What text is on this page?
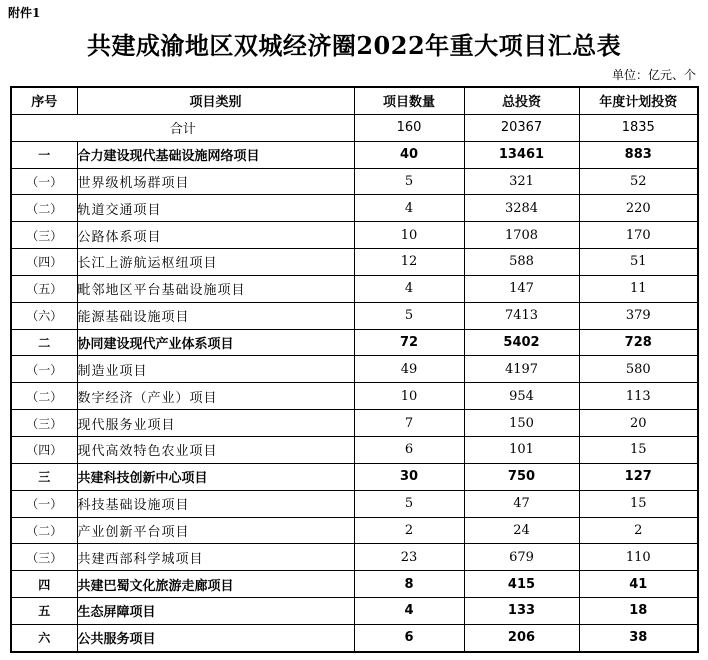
附件1
共建成渝地区双城经济圈2022年重大项目汇总表
单位：亿元、个
序号	项目类别	项目数量	总投资	年度计划投资
合计		160	20367	1835
一	合力建设现代基础设施网络项目	40	13461	883
（一）	世界级机场群项目	5	321	52
（二）	轨道交通项目	4	3284	220
（三）	公路体系项目	10	1708	170
（四）	长江上游航运枢纽项目	12	588	51
（五）	毗邻地区平台基础设施项目	4	147	11
（六）	能源基础设施项目	5	7413	379
二	协同建设现代产业体系项目	72	5402	728
（一）	制造业项目	49	4197	580
（二）	数字经济（产业）项目	10	954	113
（三）	现代服务业项目	7	150	20
（四）	现代高效特色农业项目	6	101	15
三	共建科技创新中心项目	30	750	127
（一）	科技基础设施项目	5	47	15
（二）	产业创新平台项目	2	24	2
（三）	共建西部科学城项目	23	679	110
四	共建巴蜀文化旅游走廊项目	8	415	41
五	生态屏障项目	4	133	18
六	公共服务项目	6	206	38
